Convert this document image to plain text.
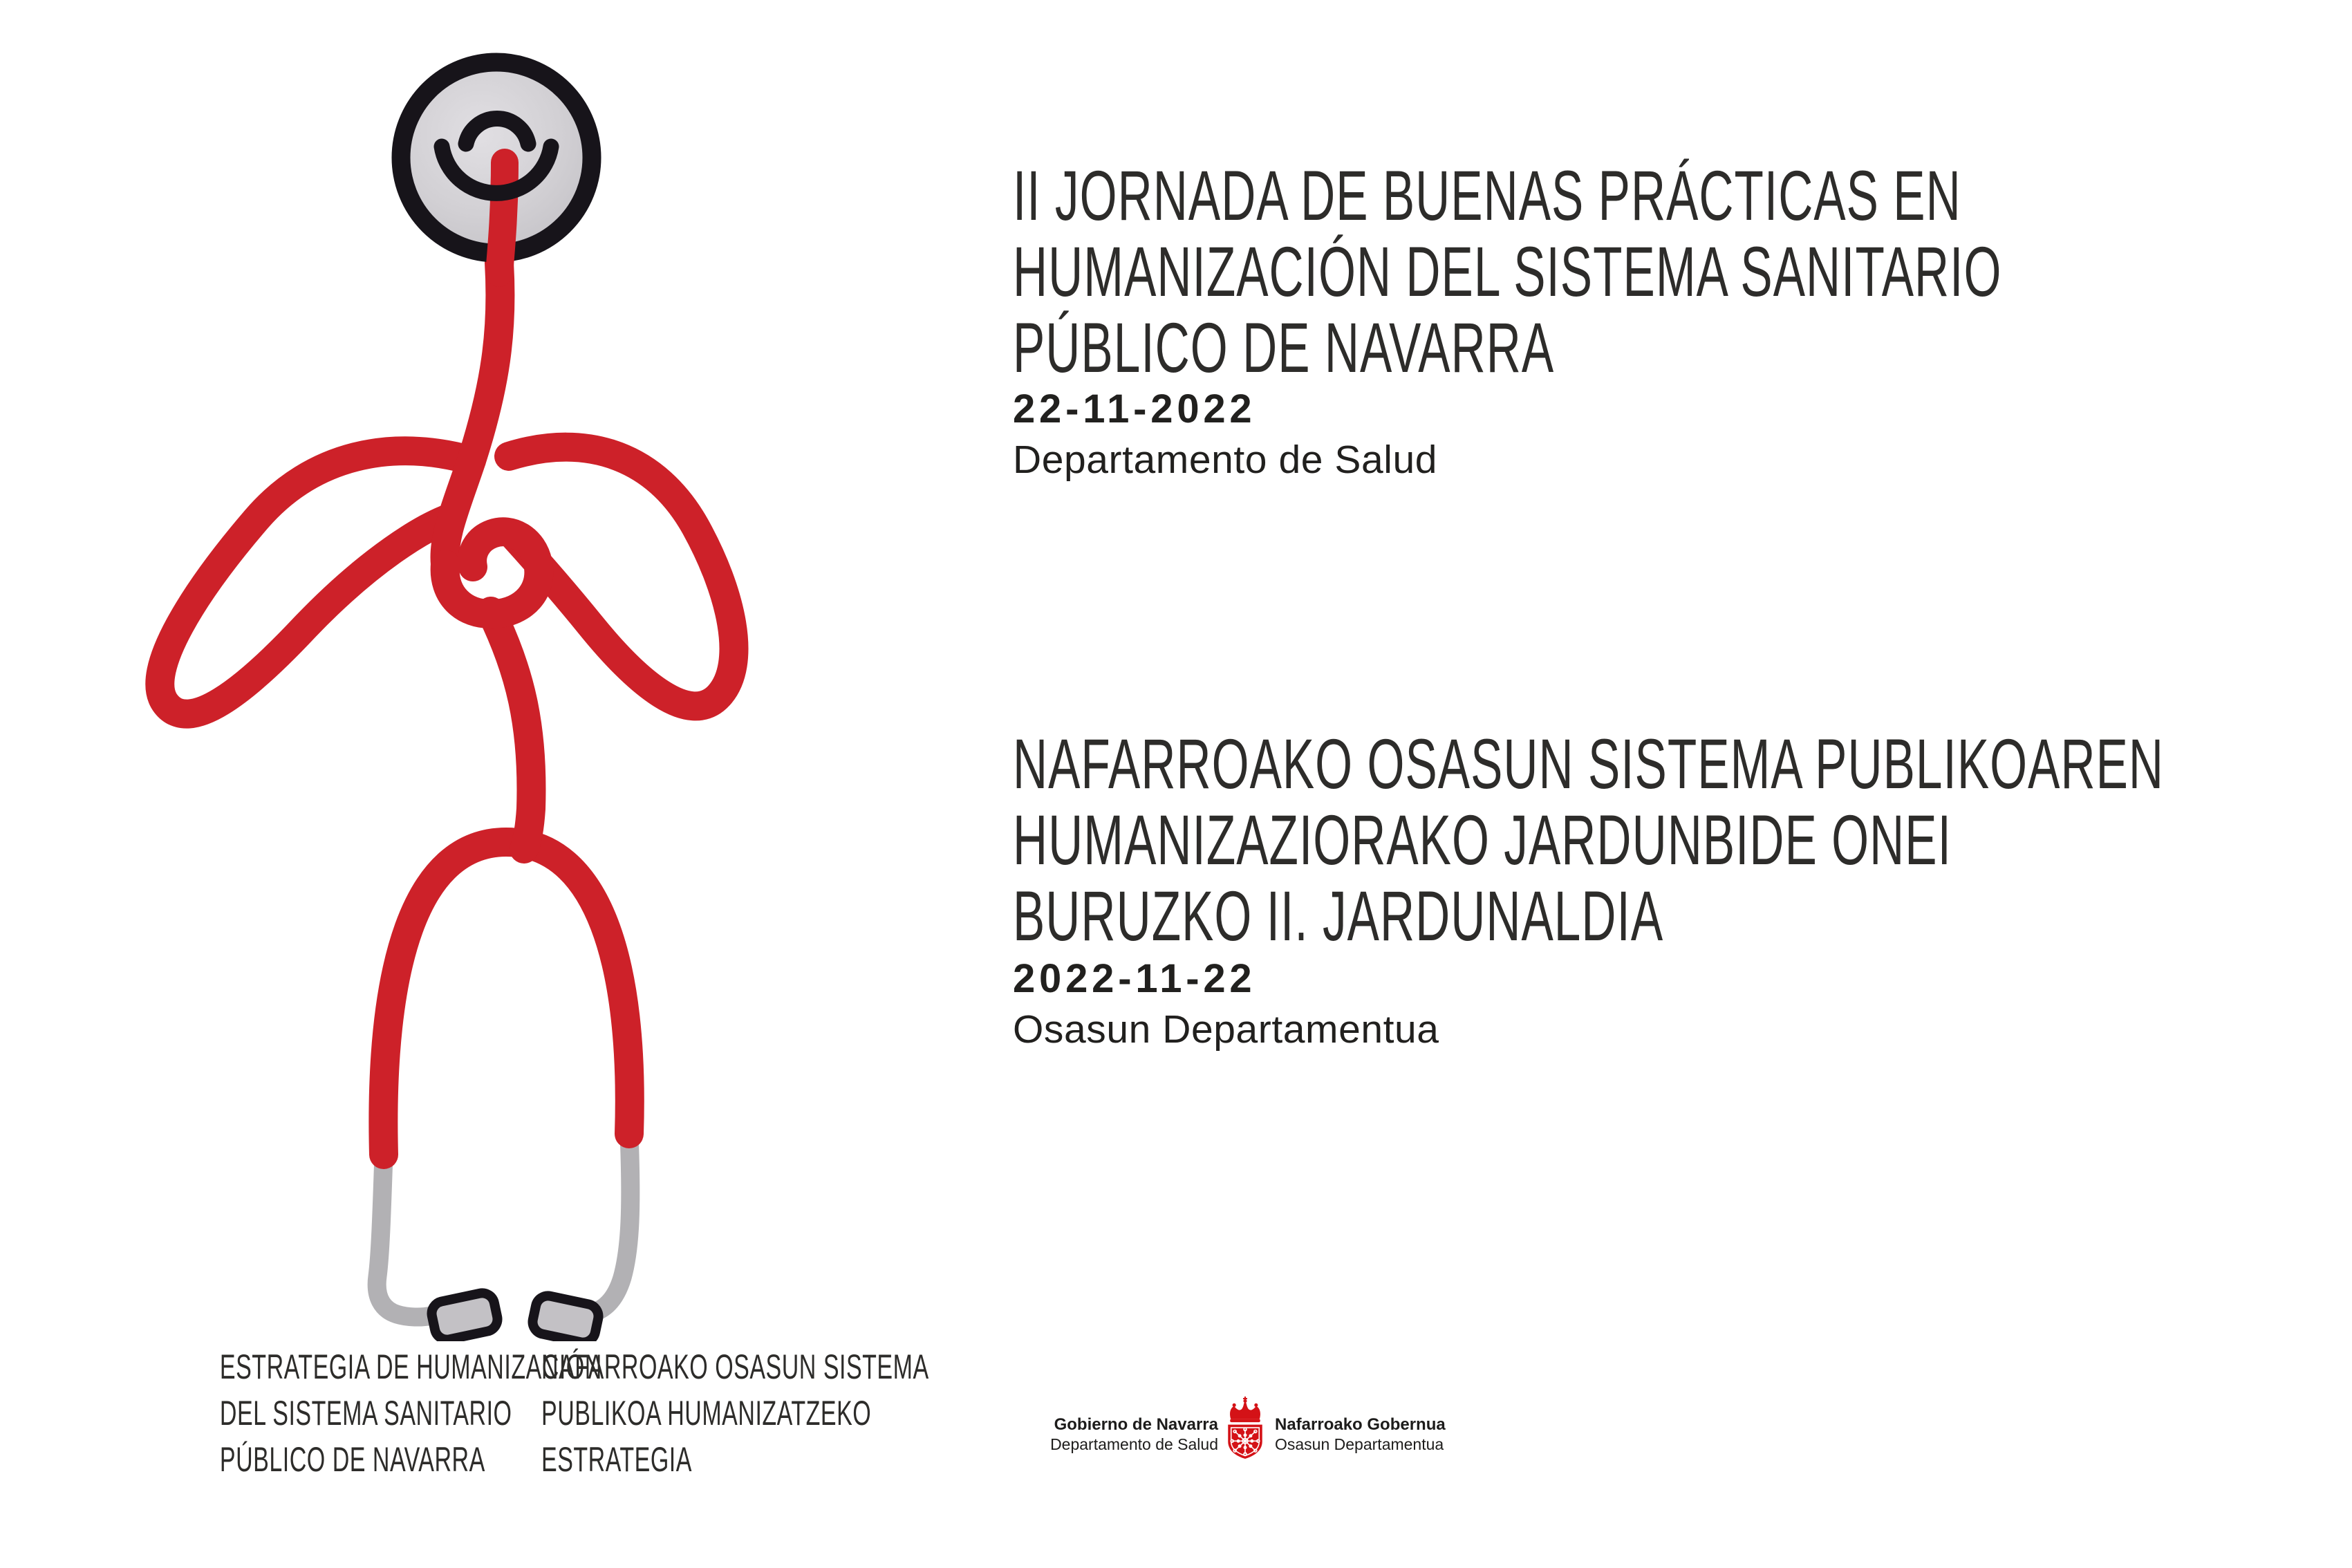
II JORNADA DE BUENAS PRÁCTICAS EN
HUMANIZACIÓN DEL SISTEMA SANITARIO
PÚBLICO DE NAVARRA
22-11-2022
Departamento de Salud
NAFARROAKO OSASUN SISTEMA PUBLIKOAREN
HUMANIZAZIORAKO JARDUNBIDE ONEI
BURUZKO II. JARDUNALDIA
2022-11-22
Osasun Departamentua
ESTRATEGIA DE HUMANIZACIÓN
DEL SISTEMA SANITARIO
PÚBLICO DE NAVARRA
NAFARROAKO OSASUN SISTEMA
PUBLIKOA HUMANIZATZEKO
ESTRATEGIA
Gobierno de Navarra
Departamento de Salud
Nafarroako Gobernua
Osasun Departamentua
